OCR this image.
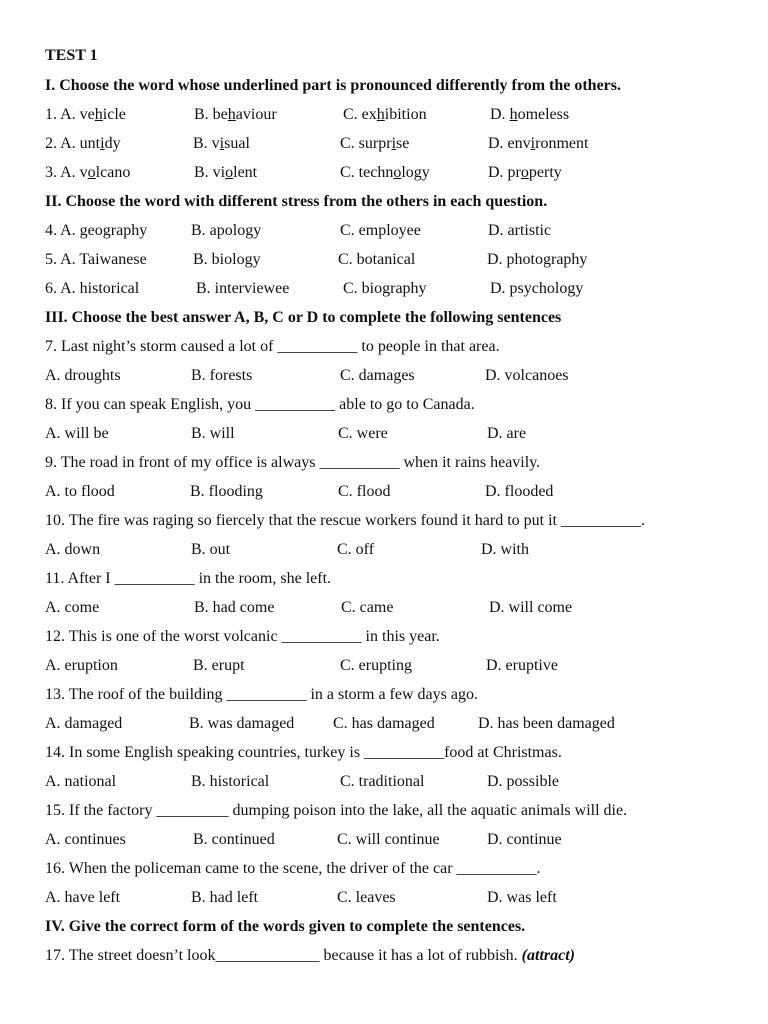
TEST 1
I. Choose the word whose underlined part is pronounced differently from the others.
1. A. vehicle	B. behaviour	C. exhibition	D. homeless
2. A. untidy	B. visual	C. surprise	D. environment
3. A. volcano	B. violent	C. technology	D. property
II. Choose the word with different stress from the others in each question.
4. A. geography	B. apology	C. employee	D. artistic
5. A. Taiwanese	B. biology	C. botanical	D. photography
6. A. historical	B. interviewee	C. biography	D. psychology
III. Choose the best answer A, B, C or D to complete the following sentences
7. Last night’s storm caused a lot of __________ to people in that area.
A. droughts	B. forests	C. damages	D. volcanoes
8. If you can speak English, you __________ able to go to Canada.
A. will be	B. will	C. were	D. are
9. The road in front of my office is always __________ when it rains heavily.
A. to flood	B. flooding	C. flood	D. flooded
10. The fire was raging so fiercely that the rescue workers found it hard to put it __________.
A. down	B. out	C. off	D. with
11. After I __________ in the room, she left.
A. come	B. had come	C. came	D. will come
12. This is one of the worst volcanic __________ in this year.
A. eruption	B. erupt	C. erupting	D. eruptive
13. The roof of the building __________ in a storm a few days ago.
A. damaged	B. was damaged C. has damaged	D. has been damaged
14. In some English speaking countries, turkey is __________food at Christmas.
A. national	B. historical	C. traditional	D. possible
15. If the factory _________ dumping poison into the lake, all the aquatic animals will die.
A. continues	B. continued	C. will continue	D. continue
16. When the policeman came to the scene, the driver of the car __________.
A. have left	B. had left	C. leaves	D. was left
IV. Give the correct form of the words given to complete the sentences.
17. The street doesn’t look_____________ because it has a lot of rubbish. (attract)
